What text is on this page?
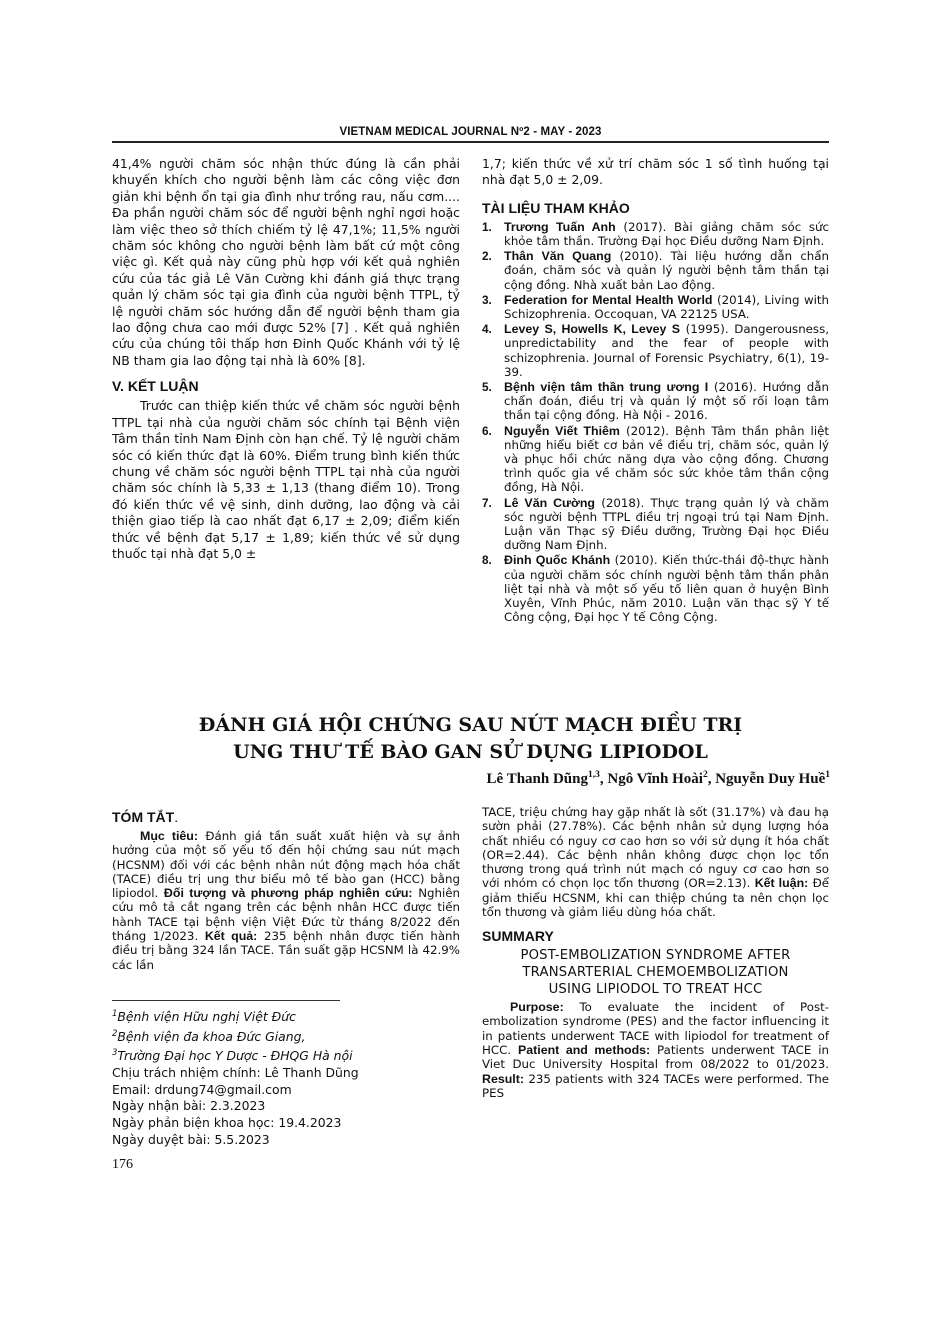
VIETNAM MEDICAL JOURNAL Nº2 - MAY - 2023

41,4% người chăm sóc nhận thức đúng là cần phải khuyến khích cho người bệnh làm các công việc đơn giản khi bệnh ổn tại gia đình như trồng rau, nấu cơm.... Đa phần người chăm sóc để người bệnh nghỉ ngơi hoặc làm việc theo sở thích chiếm tỷ lệ 47,1%; 11,5% người chăm sóc không cho người bệnh làm bất cứ một công việc gì. Kết quả này cũng phù hợp với kết quả nghiên cứu của tác giả Lê Văn Cường khi đánh giá thực trạng quản lý chăm sóc tại gia đình của người bệnh TTPL, tỷ lệ người chăm sóc hướng dẫn để người bệnh tham gia lao động chưa cao mới được 52% [7] . Kết quả nghiên cứu của chúng tôi thấp hơn Đinh Quốc Khánh với tỷ lệ NB tham gia lao động tại nhà là 60% [8].

V. KẾT LUẬN

Trước can thiệp kiến thức về chăm sóc người bệnh TTPL tại nhà của người chăm sóc chính tại Bệnh viện Tâm thần tỉnh Nam Định còn hạn chế. Tỷ lệ người chăm sóc có kiến thức đạt là 60%. Điểm trung bình kiến thức chung về chăm sóc người bệnh TTPL tại nhà của người chăm sóc chính là 5,33 ± 1,13 (thang điểm 10). Trong đó kiến thức về vệ sinh, dinh dưỡng, lao động và cải thiện giao tiếp là cao nhất đạt 6,17 ± 2,09; điểm kiến thức về bệnh đạt 5,17 ± 1,89; kiến thức về sử dụng thuốc tại nhà đạt 5,0 ±

1,7; kiến thức về xử trí chăm sóc 1 số tình huống tại nhà đạt 5,0 ± 2,09.

TÀI LIỆU THAM KHẢO
1. Trương Tuấn Anh (2017). Bài giảng chăm sóc sức khỏe tâm thần. Trường Đại học Điều dưỡng Nam Định.
2. Thân Văn Quang (2010). Tài liệu hướng dẫn chẩn đoán, chăm sóc và quản lý người bệnh tâm thần tại cộng đồng. Nhà xuất bản Lao động.
3. Federation for Mental Health World (2014), Living with Schizophrenia. Occoquan, VA 22125 USA.
4. Levey S, Howells K, Levey S (1995). Dangerousness, unpredictability and the fear of people with schizophrenia. Journal of Forensic Psychiatry, 6(1), 19-39.
5. Bệnh viện tâm thần trung ương I (2016). Hướng dẫn chẩn đoán, điều trị và quản lý một số rối loạn tâm thần tại cộng đồng. Hà Nội - 2016.
6. Nguyễn Viết Thiêm (2012). Bệnh Tâm thần phân liệt những hiểu biết cơ bản về điều trị, chăm sóc, quản lý và phục hồi chức năng dựa vào cộng đồng. Chương trình quốc gia về chăm sóc sức khỏe tâm thần cộng đồng, Hà Nội.
7. Lê Văn Cường (2018). Thực trạng quản lý và chăm sóc người bệnh TTPL điều trị ngoại trú tại Nam Định. Luận văn Thạc sỹ Điều dưỡng, Trường Đại học Điều dưỡng Nam Định.
8. Đinh Quốc Khánh (2010). Kiến thức-thái độ-thực hành của người chăm sóc chính người bệnh tâm thần phân liệt tại nhà và một số yếu tố liên quan ở huyện Bình Xuyên, Vĩnh Phúc, năm 2010. Luận văn thạc sỹ Y tế Công cộng, Đại học Y tế Công Cộng.
ĐÁNH GIÁ HỘI CHỨNG SAU NÚT MẠCH ĐIỀU TRỊ
UNG THƯ TẾ BÀO GAN SỬ DỤNG LIPIODOL
Lê Thanh Dũng$^{1,3}$, Ngô Vĩnh Hoài$^2$, Nguyễn Duy Huề$^1$
TÓM TẮT.

Mục tiêu: Đánh giá tần suất xuất hiện và sự ảnh hưởng của một số yếu tố đến hội chứng sau nút mạch (HCSNM) đối với các bệnh nhân nút động mạch hóa chất (TACE) điều trị ung thư biểu mô tế bào gan (HCC) bằng lipiodol. Đối tượng và phương pháp nghiên cứu: Nghiên cứu mô tả cắt ngang trên các bệnh nhân HCC được tiến hành TACE tại bệnh viện Việt Đức từ tháng 8/2022 đến tháng 1/2023. Kết quả: 235 bệnh nhân được tiến hành điều trị bằng 324 lần TACE. Tần suất gặp HCSNM là 42.9% các lần

$^1$Bệnh viện Hữu nghị Việt Đức
$^2$Bệnh viện đa khoa Đức Giang,
$^3$Trường Đại học Y Dược - ĐHQG Hà nội
Chịu trách nhiệm chính: Lê Thanh Dũng
Email: drdung74@gmail.com
Ngày nhận bài: 2.3.2023
Ngày phản biện khoa học: 19.4.2023
Ngày duyệt bài: 5.5.2023

TACE, triệu chứng hay gặp nhất là sốt (31.17%) và đau hạ sườn phải (27.78%). Các bệnh nhân sử dụng lượng hóa chất nhiều có nguy cơ cao hơn so với sử dụng ít hóa chất (OR=2.44). Các bệnh nhân không được chọn lọc tổn thương trong quá trình nút mạch có nguy cơ cao hơn so với nhóm có chọn lọc tổn thương (OR=2.13). Kết luận: Để giảm thiểu HCSNM, khi can thiệp chúng ta nên chọn lọc tổn thương và giảm liều dùng hóa chất.

SUMMARY
POST-EMBOLIZATION SYNDROME AFTER
TRANSARTERIAL CHEMOEMBOLIZATION
USING LIPIODOL TO TREAT HCC

Purpose: To evaluate the incident of Post-embolization syndrome (PES) and the factor influencing it in patients underwent TACE with lipiodol for treatment of HCC. Patient and methods: Patients underwent TACE in Viet Duc University Hospital from 08/2022 to 01/2023. Result: 235 patients with 324 TACEs were performed. The PES

176
